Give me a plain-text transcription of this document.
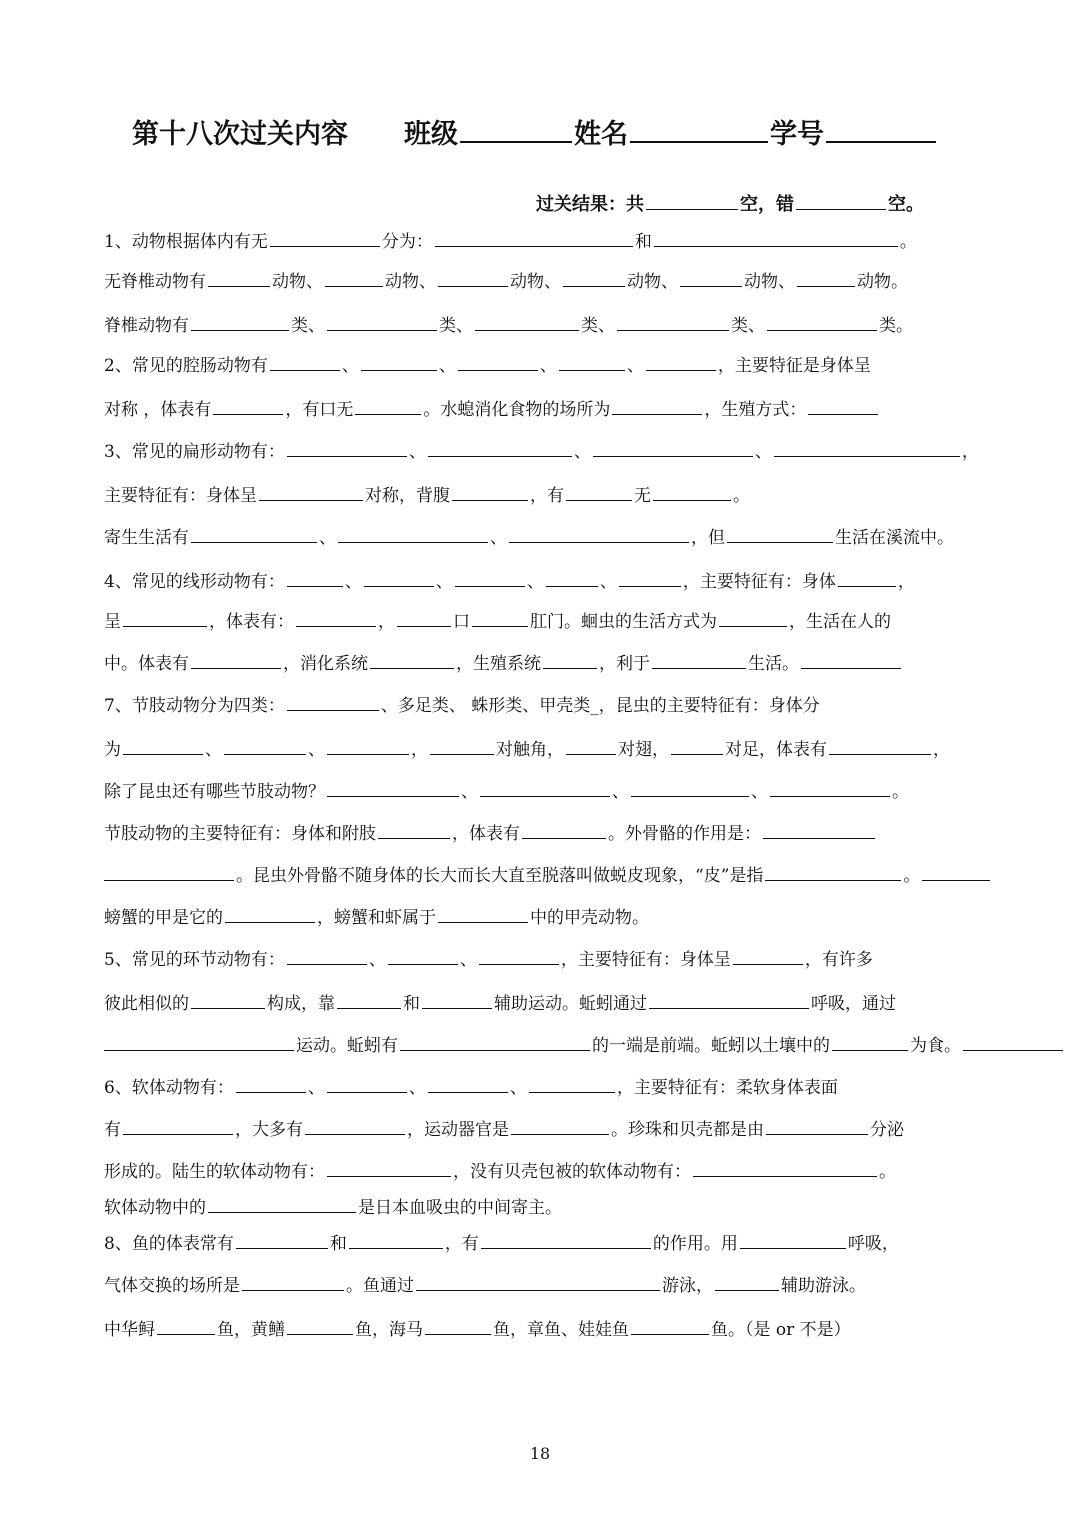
第十八次过关内容 班级	姓名	学号
过关结果：共	空，错	空。
1、动物根据体内有无	分为：	和	。
无脊椎动物有	动物、	动物、	动物、	动物、	动物、	动物。
脊椎动物有	类、	类、	类、	类、	类。
2、常见的腔肠动物有	、	、	、	、	，主要特征是身体呈
对称 ，体表有	，有口无	。水螅消化食物的场所为	，生殖方式：
3、常见的扁形动物有：	、	、	、	，
主要特征有：身体呈	对称，背腹	，有	无	。
寄生生活有	、	、	，但	生活在溪流中。
4、常见的线形动物有：	、	、	、	、	，主要特征有：身体	，
呈	，体表有：	，	口	肛门。蛔虫的生活方式为	，生活在人的
中。体表有	，消化系统	，生殖系统	，利于	生活。
7、节肢动物分为四类：	、多足类、 蛛形类、甲壳类_，昆虫的主要特征有：身体分
为	、	、	，	对触角，	对翅，	对足，体表有	，
除了昆虫还有哪些节肢动物？	、	、	、	。
节肢动物的主要特征有：身体和附肢	，体表有	。外骨骼的作用是：
。昆虫外骨骼不随身体的长大而长大直至脱落叫做蜕皮现象，“皮”是指	。
螃蟹的甲是它的	，螃蟹和虾属于	中的甲壳动物。
5、常见的环节动物有：	、	、	，主要特征有：身体呈	，有许多
彼此相似的	构成，靠	和	辅助运动。蚯蚓通过	呼吸，通过
运动。蚯蚓有	的一端是前端。蚯蚓以土壤中的	为食。
6、软体动物有：	、	、	、	，主要特征有：柔软身体表面
有	，大多有	，运动器官是	。珍珠和贝壳都是由	分泌
形成的。陆生的软体动物有：	，没有贝壳包被的软体动物有：	。
软体动物中的	是日本血吸虫的中间寄主。
8、鱼的体表常有	和	，有	的作用。用	呼吸，
气体交换的场所是	。鱼通过	游泳，	辅助游泳。
中华鲟	鱼，黄鳝	鱼，海马	鱼，章鱼、娃娃鱼	鱼。（是 or 不是）
18
